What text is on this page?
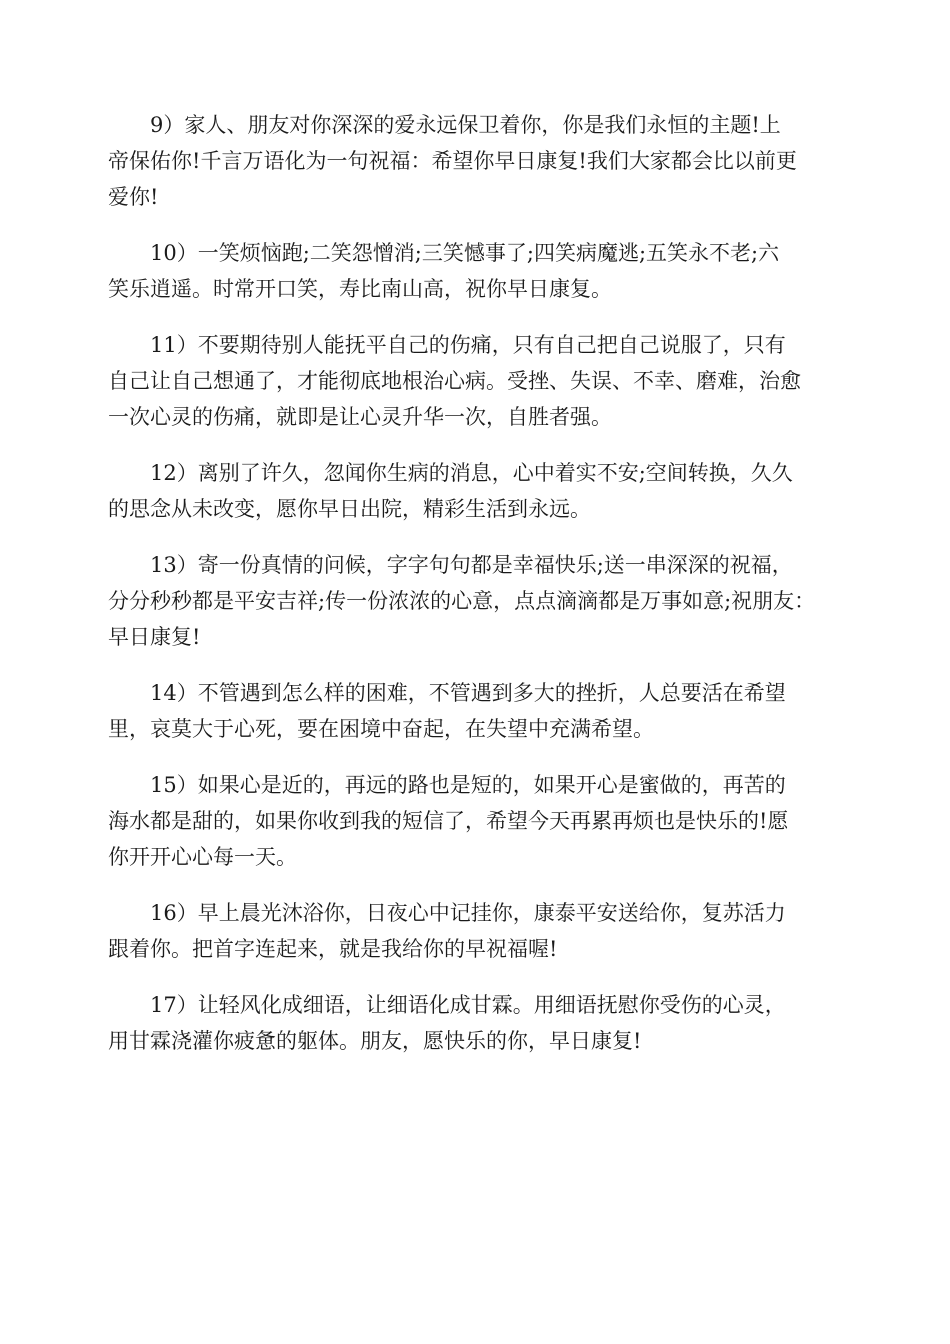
9）家人、朋友对你深深的爱永远保卫着你，你是我们永恒的主题!上
帝保佑你!千言万语化为一句祝福：希望你早日康复!我们大家都会比以前更
爱你!

10）一笑烦恼跑;二笑怨憎消;三笑憾事了;四笑病魔逃;五笑永不老;六
笑乐逍遥。时常开口笑，寿比南山高，祝你早日康复。

11）不要期待别人能抚平自己的伤痛，只有自己把自己说服了，只有
自己让自己想通了，才能彻底地根治心病。受挫、失误、不幸、磨难，治愈
一次心灵的伤痛，就即是让心灵升华一次，自胜者强。

12）离别了许久，忽闻你生病的消息，心中着实不安;空间转换，久久
的思念从未改变，愿你早日出院，精彩生活到永远。

13）寄一份真情的问候，字字句句都是幸福快乐;送一串深深的祝福，
分分秒秒都是平安吉祥;传一份浓浓的心意，点点滴滴都是万事如意;祝朋友：
早日康复!

14）不管遇到怎么样的困难，不管遇到多大的挫折，人总要活在希望
里，哀莫大于心死，要在困境中奋起，在失望中充满希望。

15）如果心是近的，再远的路也是短的，如果开心是蜜做的，再苦的
海水都是甜的，如果你收到我的短信了，希望今天再累再烦也是快乐的!愿
你开开心心每一天。

16）早上晨光沐浴你，日夜心中记挂你，康泰平安送给你，复苏活力
跟着你。把首字连起来，就是我给你的早祝福喔!

17）让轻风化成细语，让细语化成甘霖。用细语抚慰你受伤的心灵，
用甘霖浇灌你疲惫的躯体。朋友，愿快乐的你，早日康复!
